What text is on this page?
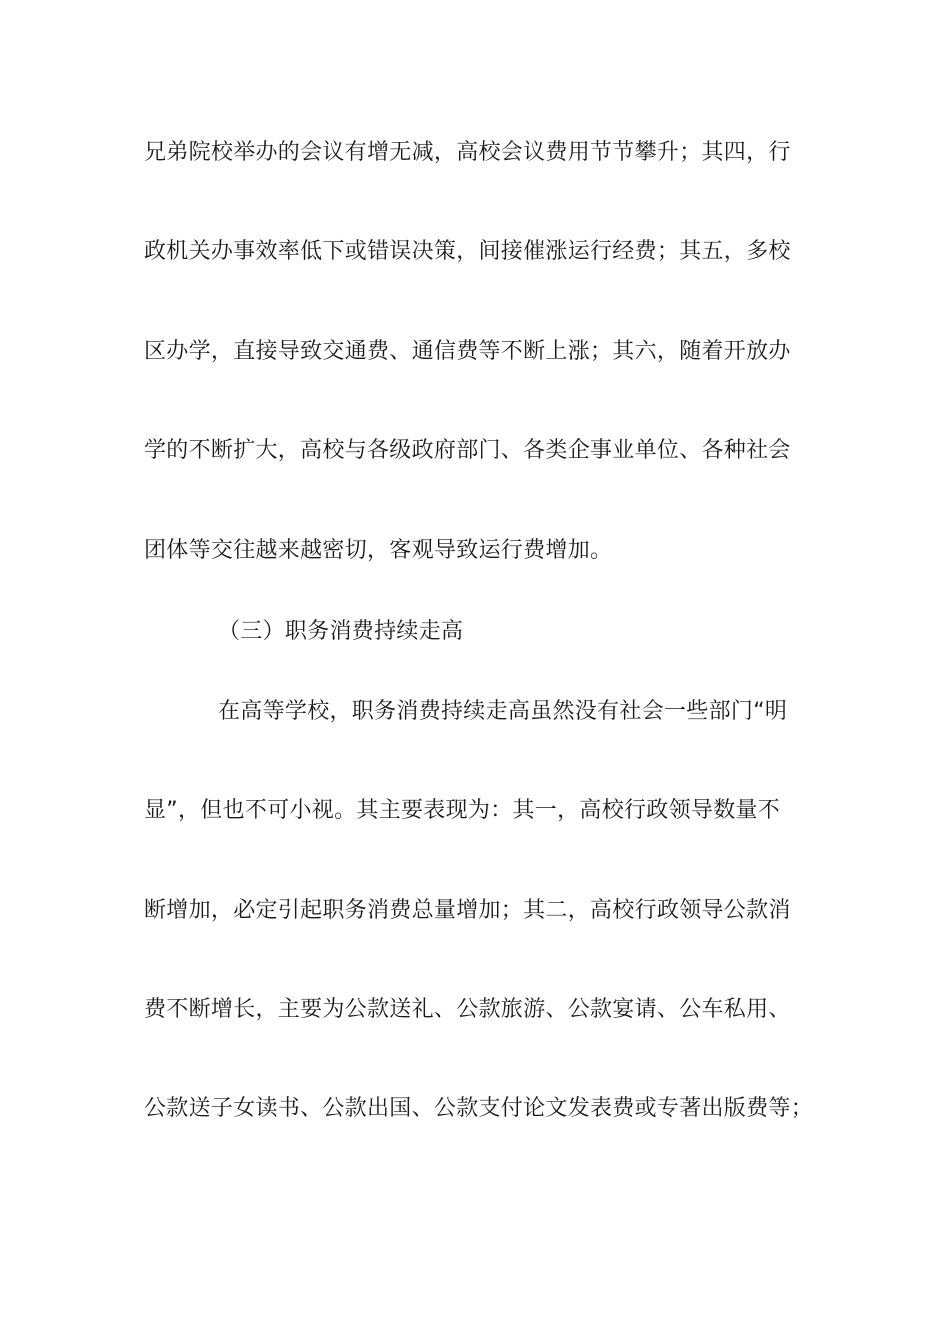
兄弟院校举办的会议有增无减，高校会议费用节节攀升；其四，行
政机关办事效率低下或错误决策，间接催涨运行经费；其五，多校
区办学，直接导致交通费、通信费等不断上涨；其六，随着开放办
学的不断扩大，高校与各级政府部门、各类企事业单位、各种社会
团体等交往越来越密切，客观导致运行费增加。
（三）职务消费持续走高
在高等学校，职务消费持续走高虽然没有社会一些部门“明
显”，但也不可小视。其主要表现为：其一，高校行政领导数量不
断增加，必定引起职务消费总量增加；其二，高校行政领导公款消
费不断增长，主要为公款送礼、公款旅游、公款宴请、公车私用、
公款送子女读书、公款出国、公款支付论文发表费或专著出版费等；
